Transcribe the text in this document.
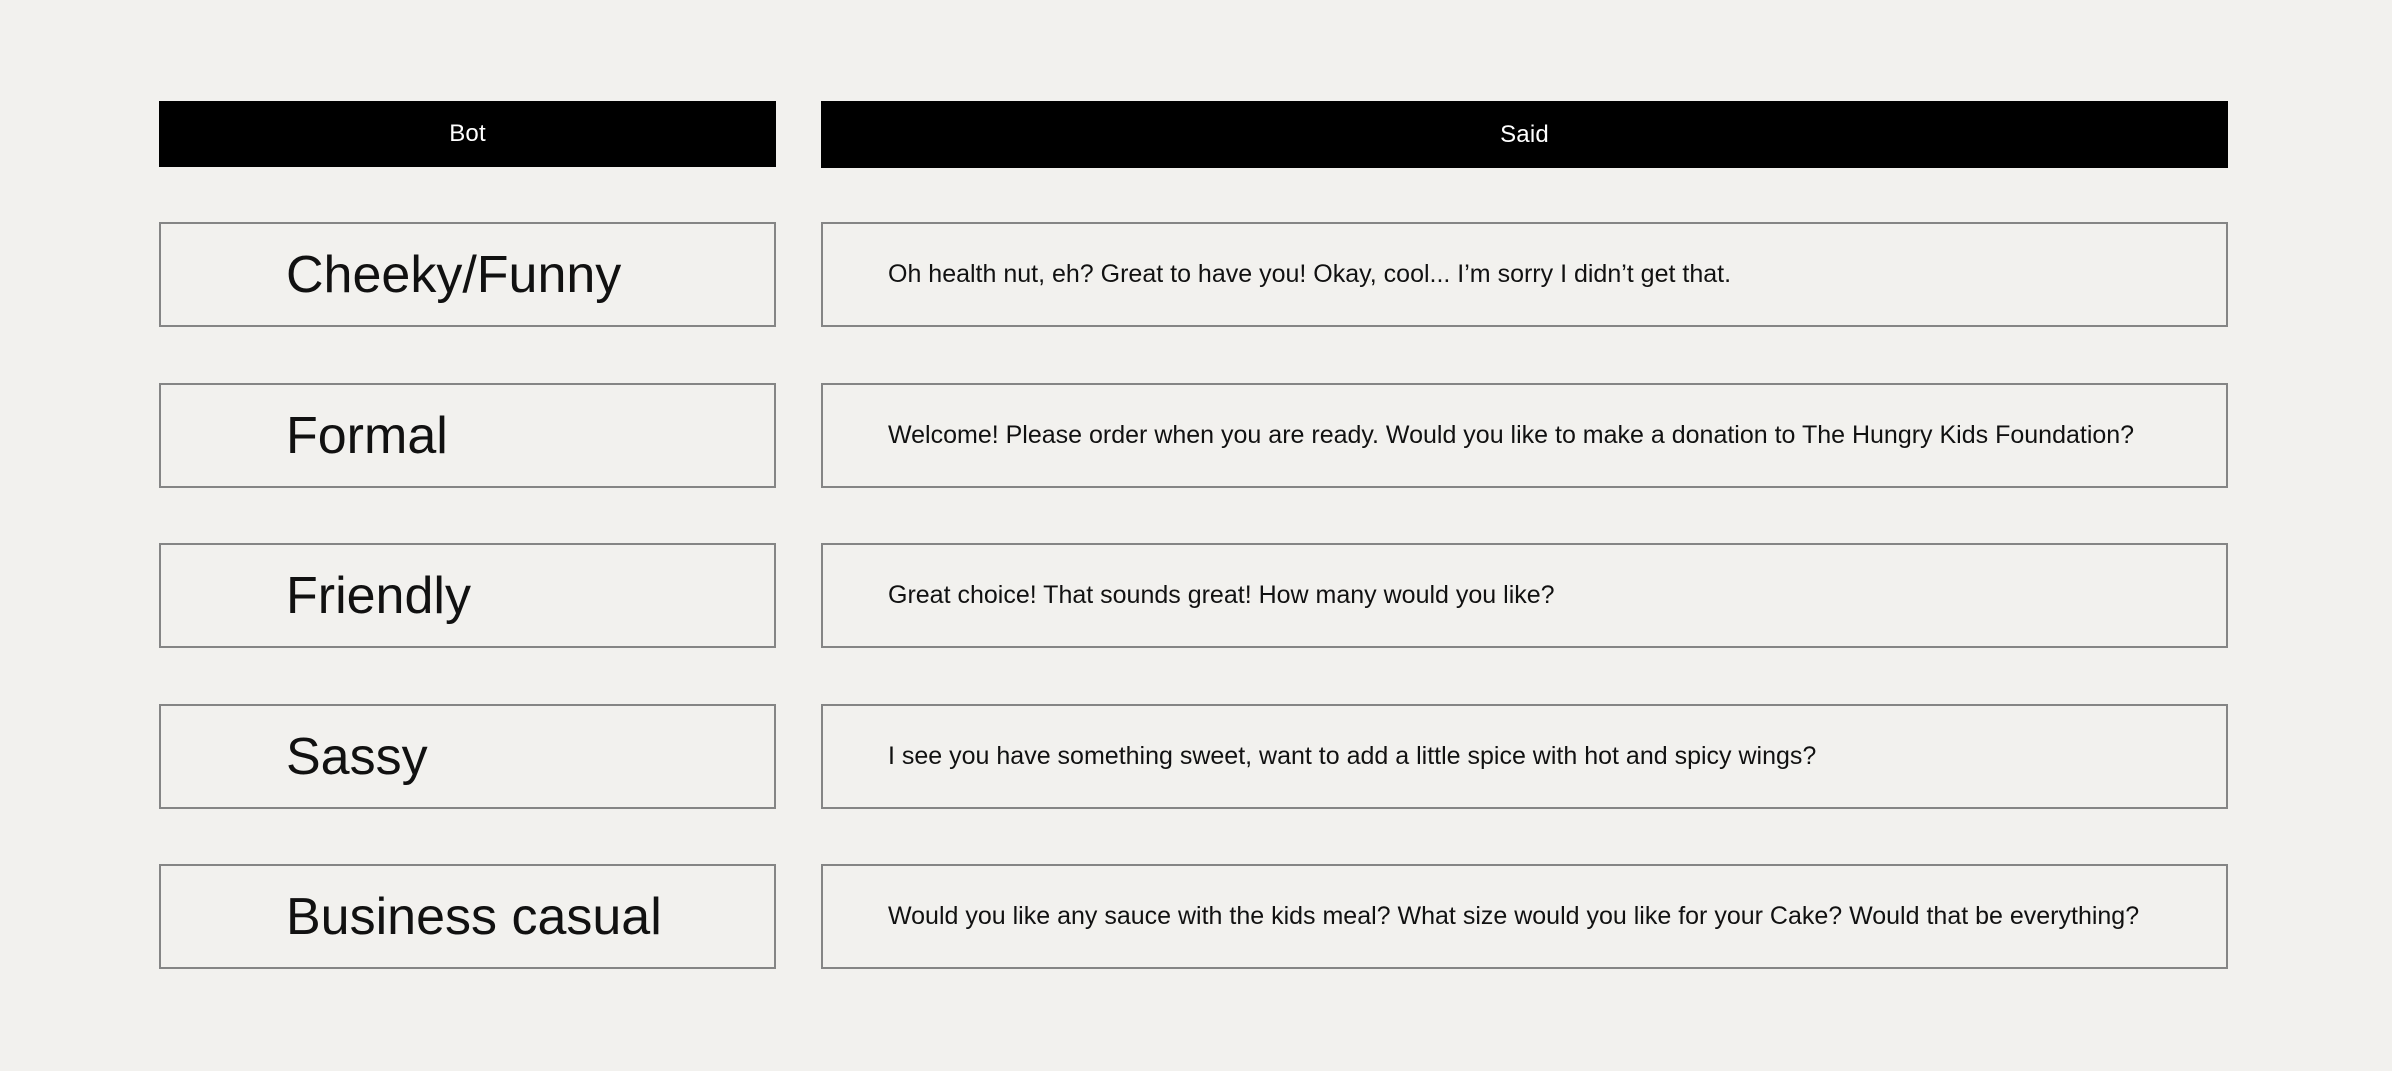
Bot	Said
Cheeky/Funny	Oh health nut, eh? Great to have you! Okay, cool... I’m sorry I didn’t get that.
Formal	Welcome! Please order when you are ready. Would you like to make a donation to The Hungry Kids Foundation?
Friendly	Great choice! That sounds great! How many would you like?
Sassy	I see you have something sweet, want to add a little spice with hot and spicy wings?
Business casual	Would you like any sauce with the kids meal? What size would you like for your Cake? Would that be everything?
